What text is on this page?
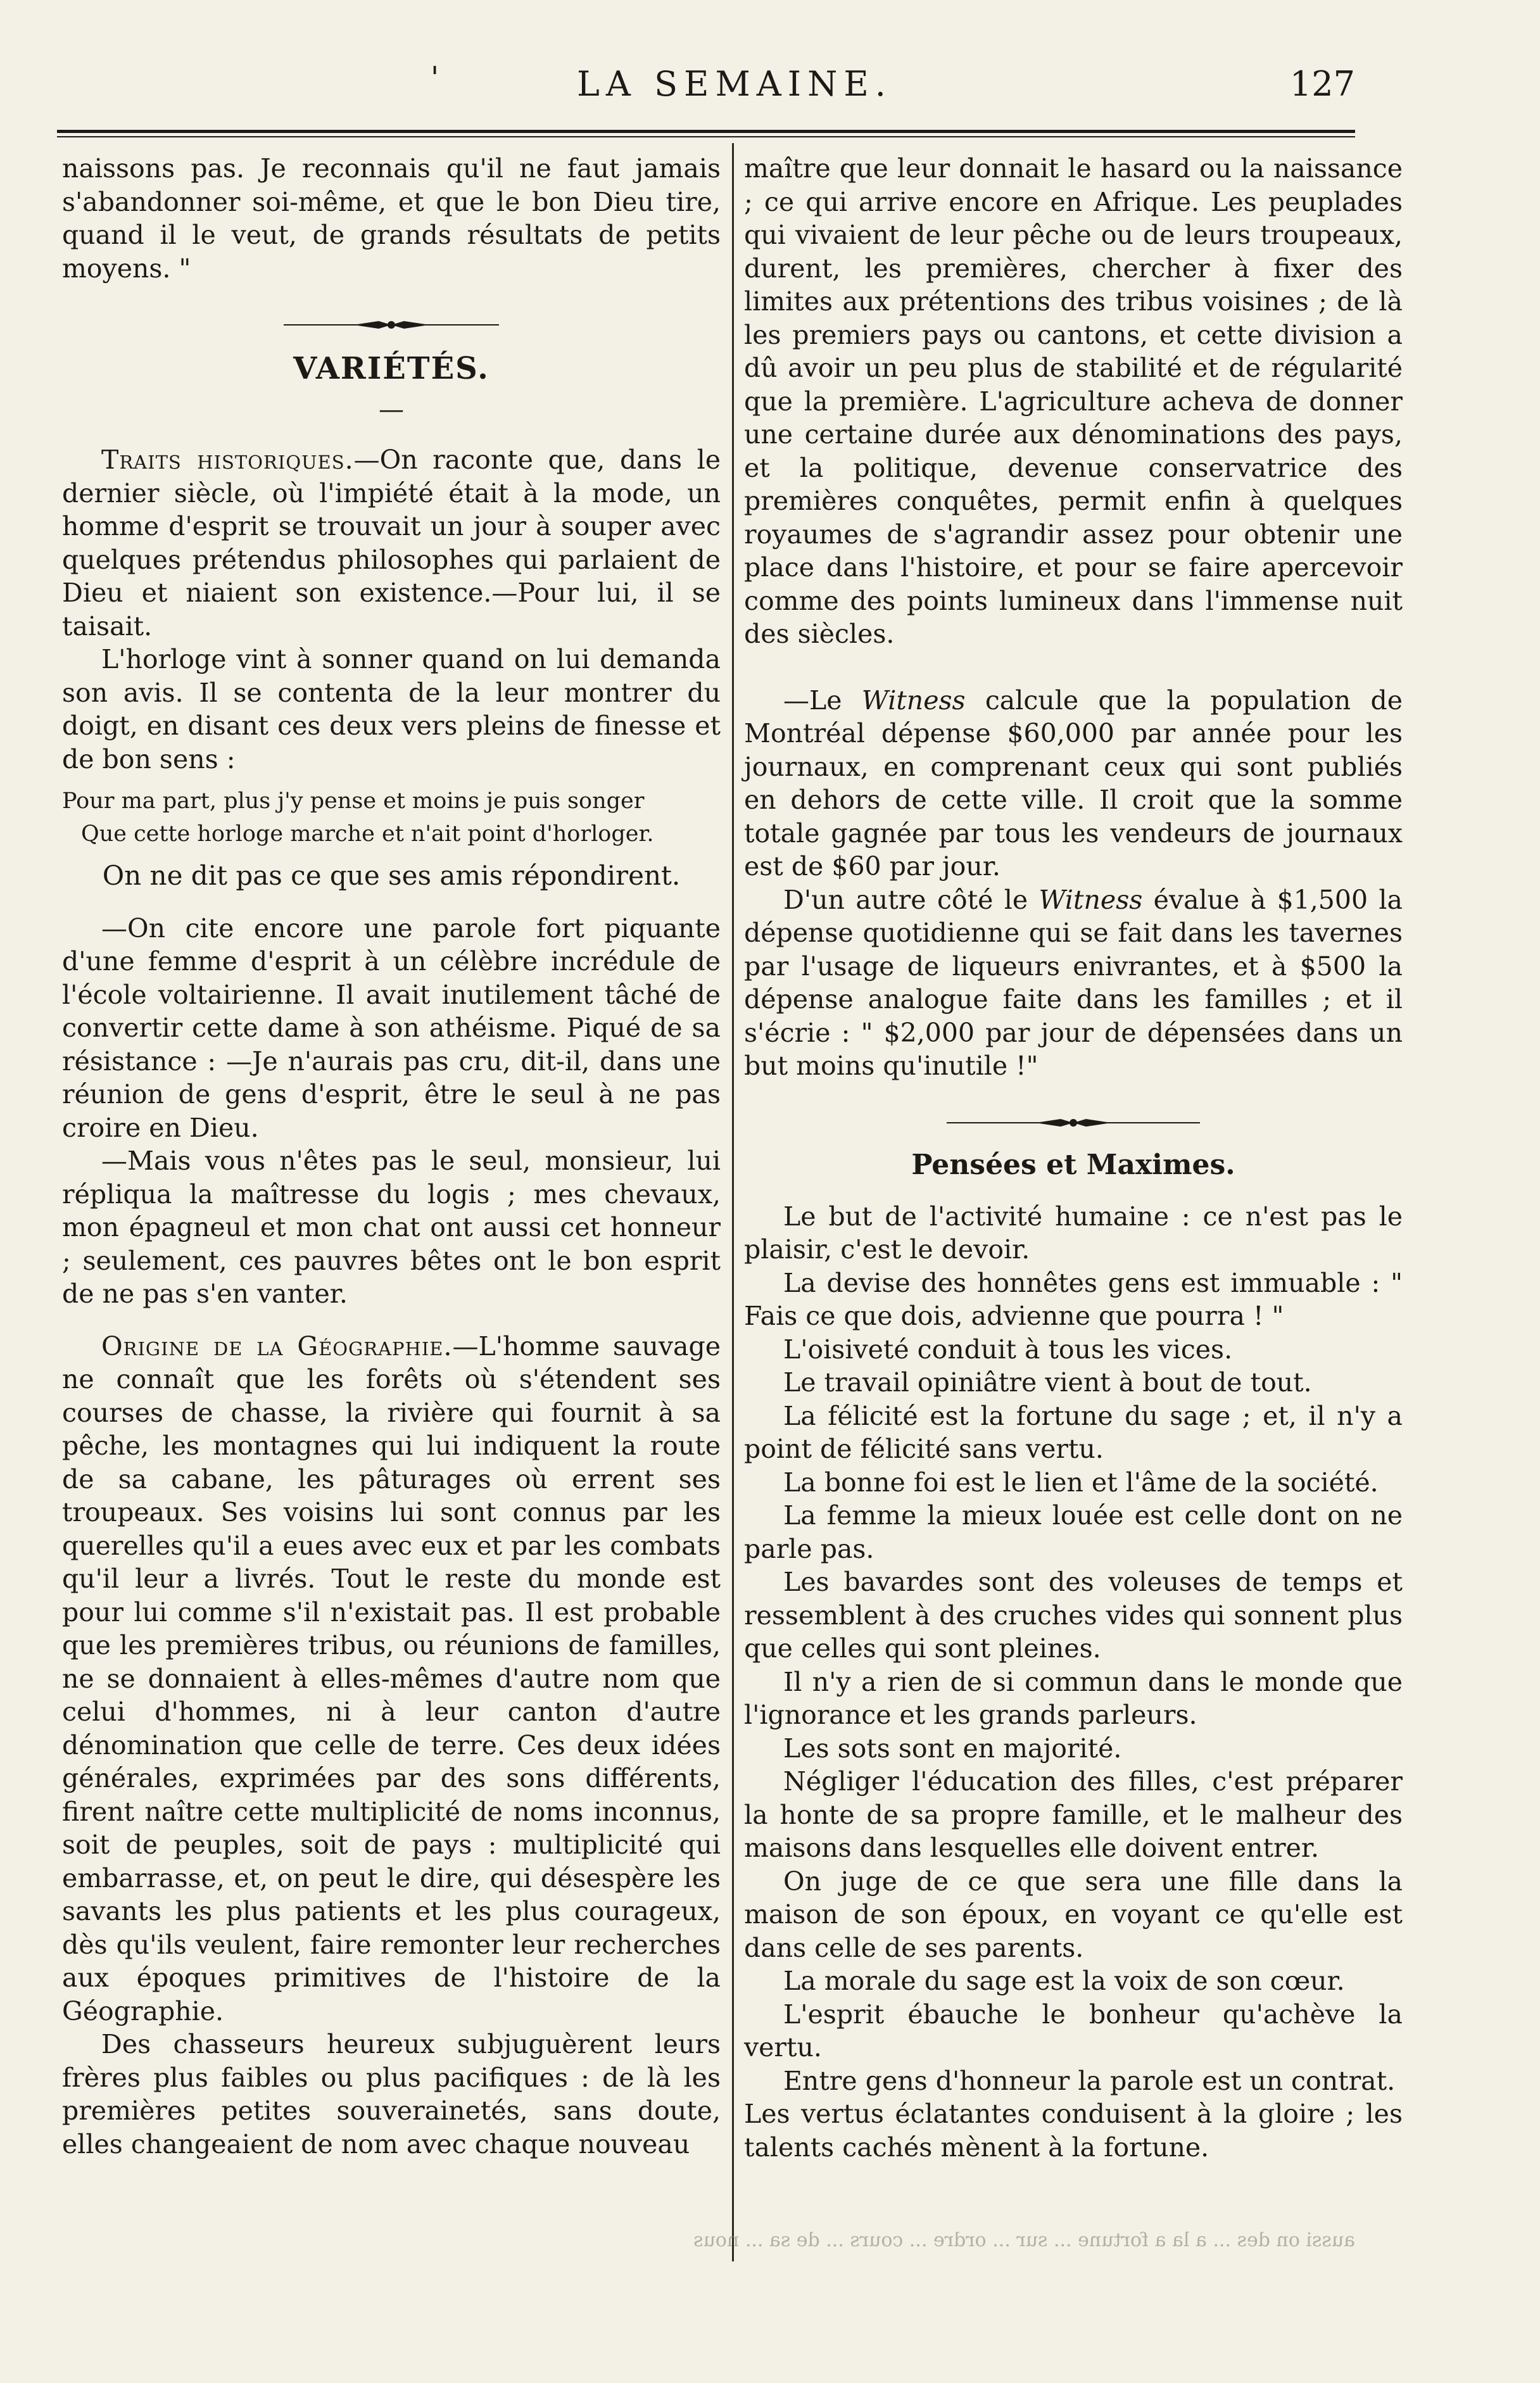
'	LA SEMAINE.	127

naissons pas. Je reconnais qu'il ne faut jamais s'abandonner soi-même, et que le bon Dieu tire, quand il le veut, de grands résultats de petits moyens. "

VARIÉTÉS.

—

Traits historiques.—On raconte que, dans le dernier siècle, où l'impiété était à la mode, un homme d'esprit se trouvait un jour à souper avec quelques prétendus philosophes qui parlaient de Dieu et niaient son existence.—Pour lui, il se taisait.

L'horloge vint à sonner quand on lui demanda son avis. Il se contenta de la leur montrer du doigt, en disant ces deux vers pleins de finesse et de bon sens :

Pour ma part, plus j'y pense et moins je puis songer

Que cette horloge marche et n'ait point d'horloger.

On ne dit pas ce que ses amis répondirent.

—On cite encore une parole fort piquante d'une femme d'esprit à un célèbre incrédule de l'école voltairienne. Il avait inutilement tâché de convertir cette dame à son athéisme. Piqué de sa résistance : —Je n'aurais pas cru, dit-il, dans une réunion de gens d'esprit, être le seul à ne pas croire en Dieu.

—Mais vous n'êtes pas le seul, monsieur, lui répliqua la maîtresse du logis ; mes chevaux, mon épagneul et mon chat ont aussi cet honneur ; seulement, ces pauvres bêtes ont le bon esprit de ne pas s'en vanter.

Origine de la Géographie.—L'homme sauvage ne connaît que les forêts où s'étendent ses courses de chasse, la rivière qui fournit à sa pêche, les montagnes qui lui indiquent la route de sa cabane, les pâturages où errent ses troupeaux. Ses voisins lui sont connus par les querelles qu'il a eues avec eux et par les combats qu'il leur a livrés. Tout le reste du monde est pour lui comme s'il n'existait pas. Il est probable que les premières tribus, ou réunions de familles, ne se donnaient à elles-mêmes d'autre nom que celui d'hommes, ni à leur canton d'autre dénomination que celle de terre. Ces deux idées générales, exprimées par des sons différents, firent naître cette multiplicité de noms inconnus, soit de peuples, soit de pays : multiplicité qui embarrasse, et, on peut le dire, qui désespère les savants les plus patients et les plus courageux, dès qu'ils veulent, faire remonter leur recherches aux époques primitives de l'histoire de la Géographie.

Des chasseurs heureux subjuguèrent leurs frères plus faibles ou plus pacifiques : de là les premières petites souverainetés, sans doute, elles changeaient de nom avec chaque nouveau

maître que leur donnait le hasard ou la naissance ; ce qui arrive encore en Afrique. Les peuplades qui vivaient de leur pêche ou de leurs troupeaux, durent, les premières, chercher à fixer des limites aux prétentions des tribus voisines ; de là les premiers pays ou cantons, et cette division a dû avoir un peu plus de stabilité et de régularité que la première. L'agriculture acheva de donner une certaine durée aux dénominations des pays, et la politique, devenue conservatrice des premières conquêtes, permit enfin à quelques royaumes de s'agrandir assez pour obtenir une place dans l'histoire, et pour se faire apercevoir comme des points lumineux dans l'immense nuit des siècles.

—Le Witness calcule que la population de Montréal dépense $60,000 par année pour les journaux, en comprenant ceux qui sont publiés en dehors de cette ville. Il croit que la somme totale gagnée par tous les vendeurs de journaux est de $60 par jour.

D'un autre côté le Witness évalue à $1,500 la dépense quotidienne qui se fait dans les tavernes par l'usage de liqueurs enivrantes, et à $500 la dépense analogue faite dans les familles ; et il s'écrie : " $2,000 par jour de dépensées dans un but moins qu'inutile !"

Pensées et Maximes.

Le but de l'activité humaine : ce n'est pas le plaisir, c'est le devoir.

La devise des honnêtes gens est immuable : " Fais ce que dois, advienne que pourra ! "

L'oisiveté conduit à tous les vices.

Le travail opiniâtre vient à bout de tout.

La félicité est la fortune du sage ; et, il n'y a point de félicité sans vertu.

La bonne foi est le lien et l'âme de la société.

La femme la mieux louée est celle dont on ne parle pas.

Les bavardes sont des voleuses de temps et ressemblent à des cruches vides qui sonnent plus que celles qui sont pleines.

Il n'y a rien de si commun dans le monde que l'ignorance et les grands parleurs.

Les sots sont en majorité.

Négliger l'éducation des filles, c'est préparer la honte de sa propre famille, et le malheur des maisons dans lesquelles elle doivent entrer.

On juge de ce que sera une fille dans la maison de son époux, en voyant ce qu'elle est dans celle de ses parents.

La morale du sage est la voix de son cœur.

L'esprit ébauche le bonheur qu'achève la vertu.

Entre gens d'honneur la parole est un contrat.

Les vertus éclatantes conduisent à la gloire ; les talents cachés mènent à la fortune.

aussi on des ... a la a fortune ... sur ... ordre ... cours ... de sa ... nous
